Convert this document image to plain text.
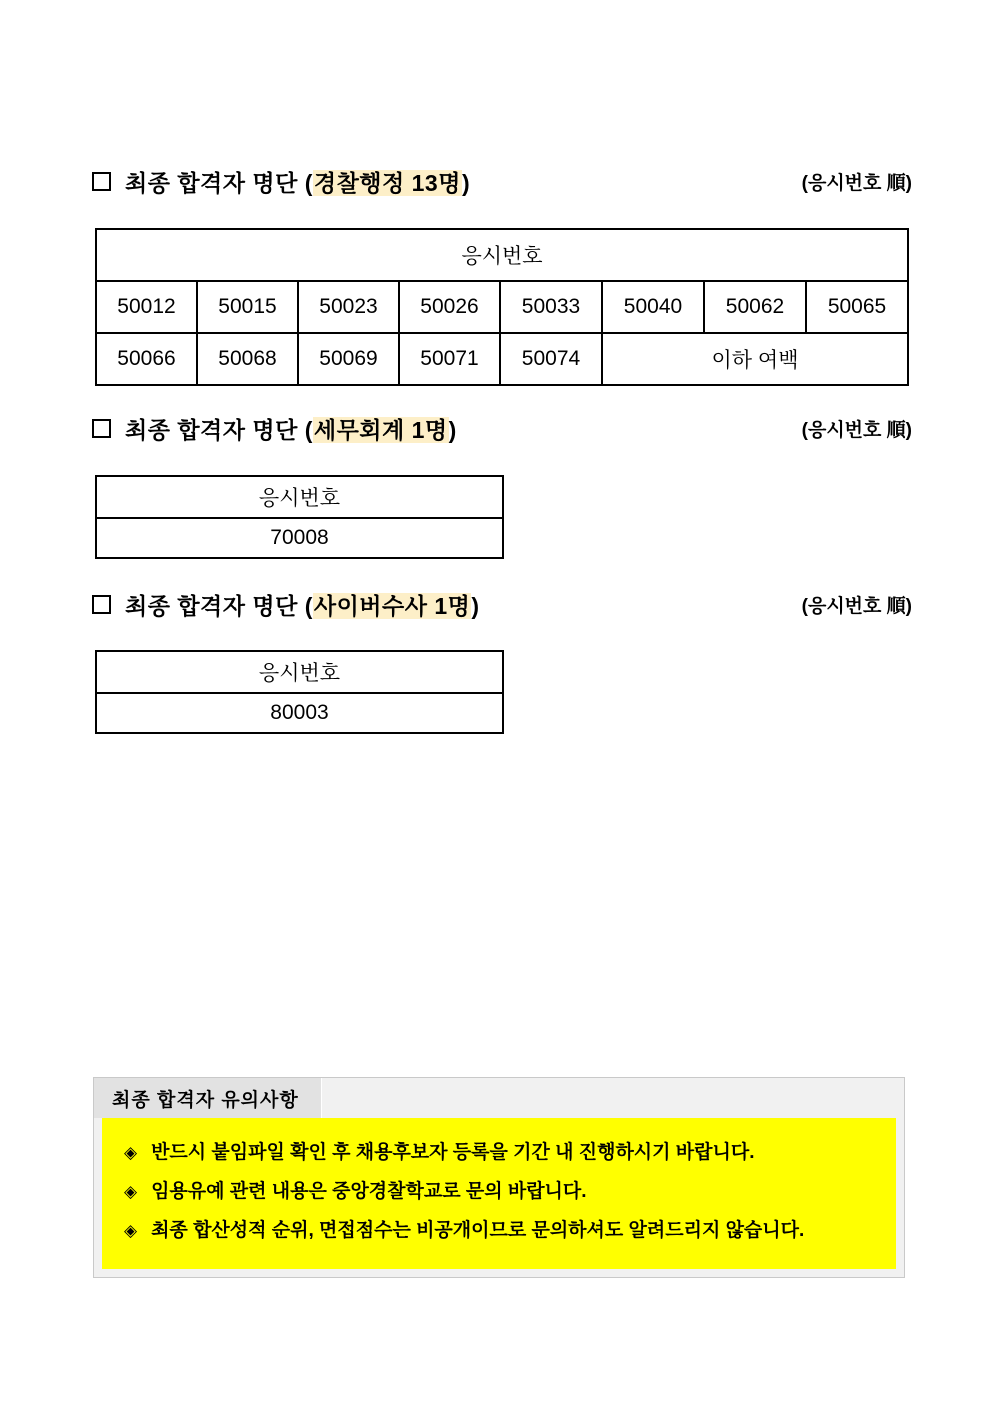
최종 합격자 명단 (경찰행정 13명)	(응시번호 順)
응시번호							
50012	50015	50023	50026	50033	50040	50062	50065
50066	50068	50069	50071	50074	이하 여백		
최종 합격자 명단 (세무회계 1명)	(응시번호 順)
응시번호
70008
최종 합격자 명단 (사이버수사 1명)	(응시번호 順)
응시번호
80003
최종 합격자 유의사항
◈ 반드시 붙임파일 확인 후 채용후보자 등록을 기간 내 진행하시기 바랍니다.
◈ 임용유예 관련 내용은 중앙경찰학교로 문의 바랍니다.
◈ 최종 합산성적 순위, 면접점수는 비공개이므로 문의하셔도 알려드리지 않습니다.
